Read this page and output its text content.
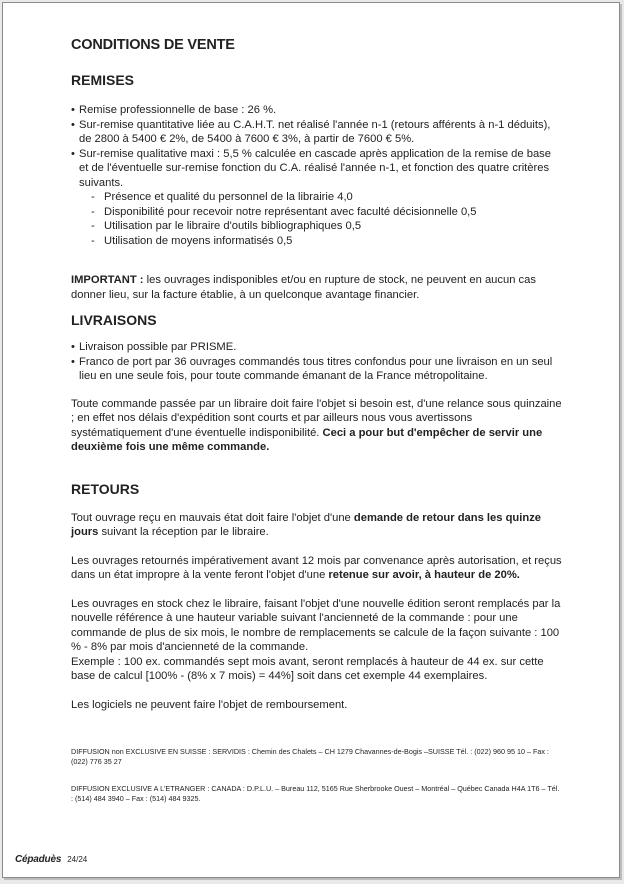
CONDITIONS DE VENTE
REMISES
• Remise professionnelle de base : 26 %.
• Sur-remise quantitative liée au C.A.H.T. net réalisé l'année n-1 (retours afférents à n-1 déduits), de 2800 à 5400 € 2%, de 5400 à 7600 € 3%, à partir de 7600 € 5%.
• Sur-remise qualitative maxi : 5,5 % calculée en cascade après application de la remise de base et de l'éventuelle sur-remise fonction du C.A. réalisé l'année n-1, et fonction des quatre critères suivants.
- Présence et qualité du personnel de la librairie 4,0
- Disponibilité pour recevoir notre représentant avec faculté décisionnelle 0,5
- Utilisation par le libraire d'outils bibliographiques 0,5
- Utilisation de moyens informatisés 0,5

IMPORTANT : les ouvrages indisponibles et/ou en rupture de stock, ne peuvent en aucun cas donner lieu, sur la facture établie, à un quelconque avantage financier.

LIVRAISONS
• Livraison possible par PRISME.
• Franco de port par 36 ouvrages commandés tous titres confondus pour une livraison en un seul lieu en une seule fois, pour toute commande émanant de la France métropolitaine.

Toute commande passée par un libraire doit faire l'objet si besoin est, d'une relance sous quinzaine ; en effet nos délais d'expédition sont courts et par ailleurs nous vous avertissons systématiquement d'une éventuelle indisponibilité. Ceci a pour but d'empêcher de servir une deuxième fois une même commande.

RETOURS

Tout ouvrage reçu en mauvais état doit faire l'objet d'une demande de retour dans les quinze jours suivant la réception par le libraire.

Les ouvrages retournés impérativement avant 12 mois par convenance après autorisation, et reçus dans un état impropre à la vente feront l'objet d'une retenue sur avoir, à hauteur de 20%.

Les ouvrages en stock chez le libraire, faisant l'objet d'une nouvelle édition seront remplacés par la nouvelle référence à une hauteur variable suivant l'ancienneté de la commande : pour une commande de plus de six mois, le nombre de remplacements se calcule de la façon suivante : 100 % - 8% par mois d'ancienneté de la commande.

Exemple : 100 ex. commandés sept mois avant, seront remplacés à hauteur de 44 ex. sur cette base de calcul [100% - (8% x 7 mois) = 44%] soit dans cet exemple 44 exemplaires.

Les logiciels ne peuvent faire l'objet de remboursement.

DIFFUSION non EXCLUSIVE EN SUISSE : SERVIDIS : Chemin des Chalets – CH 1279 Chavannes-de-Bogis –SUISSE Tél. : (022) 960 95 10 – Fax : (022) 776 35 27

DIFFUSION EXCLUSIVE A L'ETRANGER : CANADA : D.P.L.U. – Bureau 112, 5165 Rue Sherbrooke Ouest – Montréal – Québec Canada H4A 1T6 – Tél. : (514) 484 3940 – Fax : (514) 484 9325.

Cépaduès 24/24
